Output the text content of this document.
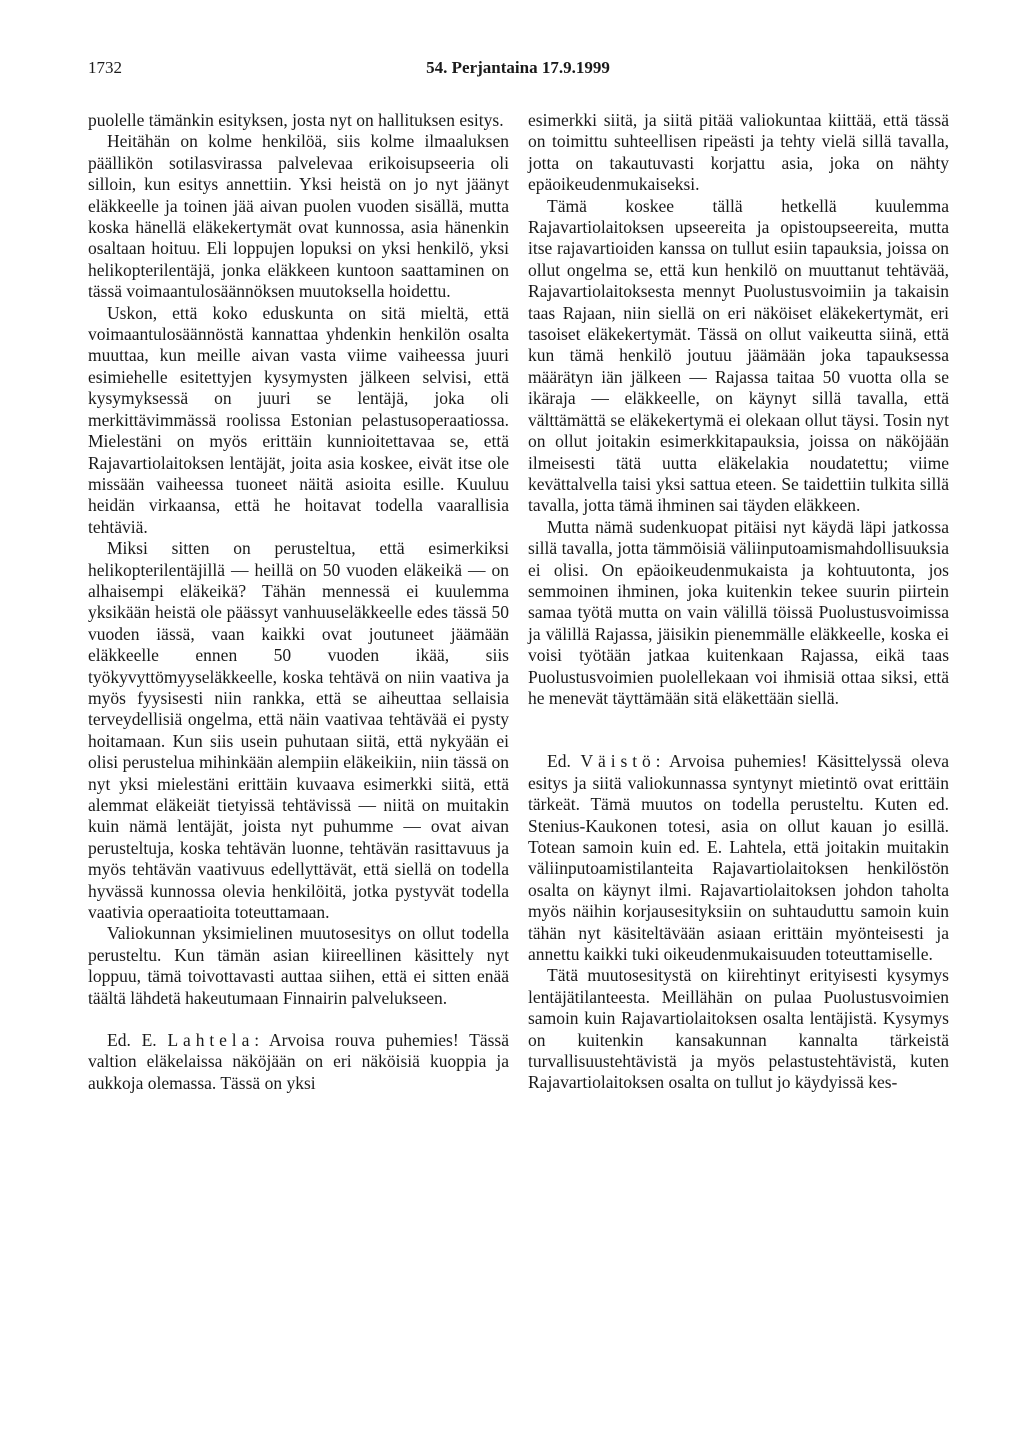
1732	54. Perjantaina 17.9.1999

puolelle tämänkin esityksen, josta nyt on hallituksen esitys.

Heitähän on kolme henkilöä, siis kolme ilmaaluksen päällikön sotilasvirassa palvelevaa erikoisupseeria oli silloin, kun esitys annettiin. Yksi heistä on jo nyt jäänyt eläkkeelle ja toinen jää aivan puolen vuoden sisällä, mutta koska hänellä eläkekertymät ovat kunnossa, asia hänenkin osaltaan hoituu. Eli loppujen lopuksi on yksi henkilö, yksi helikopterilentäjä, jonka eläkkeen kuntoon saattaminen on tässä voimaantulosäännöksen muutoksella hoidettu.

Uskon, että koko eduskunta on sitä mieltä, että voimaantulosäännöstä kannattaa yhdenkin henkilön osalta muuttaa, kun meille aivan vasta viime vaiheessa juuri esimiehelle esitettyjen kysymysten jälkeen selvisi, että kysymyksessä on juuri se lentäjä, joka oli merkittävimmässä roolissa Estonian pelastusoperaatiossa. Mielestäni on myös erittäin kunnioitettavaa se, että Rajavartiolaitoksen lentäjät, joita asia koskee, eivät itse ole missään vaiheessa tuoneet näitä asioita esille. Kuuluu heidän virkaansa, että he hoitavat todella vaarallisia tehtäviä.

Miksi sitten on perusteltua, että esimerkiksi helikopterilentäjillä — heillä on 50 vuoden eläkeikä — on alhaisempi eläkeikä? Tähän mennessä ei kuulemma yksikään heistä ole päässyt vanhuuseläkkeelle edes tässä 50 vuoden iässä, vaan kaikki ovat joutuneet jäämään eläkkeelle ennen 50 vuoden ikää, siis työkyvyttömyyseläkkeelle, koska tehtävä on niin vaativa ja myös fyysisesti niin rankka, että se aiheuttaa sellaisia terveydellisiä ongelma, että näin vaativaa tehtävää ei pysty hoitamaan. Kun siis usein puhutaan siitä, että nykyään ei olisi perustelua mihinkään alempiin eläkeikiin, niin tässä on nyt yksi mielestäni erittäin kuvaava esimerkki siitä, että alemmat eläkeiät tietyissä tehtävissä — niitä on muitakin kuin nämä lentäjät, joista nyt puhumme — ovat aivan perusteltuja, koska tehtävän luonne, tehtävän rasittavuus ja myös tehtävän vaativuus edellyttävät, että siellä on todella hyvässä kunnossa olevia henkilöitä, jotka pystyvät todella vaativia operaatioita toteuttamaan.

Valiokunnan yksimielinen muutosesitys on ollut todella perusteltu. Kun tämän asian kiireellinen käsittely nyt loppuu, tämä toivottavasti auttaa siihen, että ei sitten enää täältä lähdetä hakeutumaan Finnairin palvelukseen.

Ed. E. Lahtela: Arvoisa rouva puhemies! Tässä valtion eläkelaissa näköjään on eri näköisiä kuoppia ja aukkoja olemassa. Tässä on yksi

esimerkki siitä, ja siitä pitää valiokuntaa kiittää, että tässä on toimittu suhteellisen ripeästi ja tehty vielä sillä tavalla, jotta on takautuvasti korjattu asia, joka on nähty epäoikeudenmukaiseksi.

Tämä koskee tällä hetkellä kuulemma Rajavartiolaitoksen upseereita ja opistoupseereita, mutta itse rajavartioiden kanssa on tullut esiin tapauksia, joissa on ollut ongelma se, että kun henkilö on muuttanut tehtävää, Rajavartiolaitoksesta mennyt Puolustusvoimiin ja takaisin taas Rajaan, niin siellä on eri näköiset eläkekertymät, eri tasoiset eläkekertymät. Tässä on ollut vaikeutta siinä, että kun tämä henkilö joutuu jäämään joka tapauksessa määrätyn iän jälkeen — Rajassa taitaa 50 vuotta olla se ikäraja — eläkkeelle, on käynyt sillä tavalla, että välttämättä se eläkekertymä ei olekaan ollut täysi. Tosin nyt on ollut joitakin esimerkkitapauksia, joissa on näköjään ilmeisesti tätä uutta eläkelakia noudatettu; viime kevättalvella taisi yksi sattua eteen. Se taidettiin tulkita sillä tavalla, jotta tämä ihminen sai täyden eläkkeen.

Mutta nämä sudenkuopat pitäisi nyt käydä läpi jatkossa sillä tavalla, jotta tämmöisiä väliinputoamismahdollisuuksia ei olisi. On epäoikeudenmukaista ja kohtuutonta, jos semmoinen ihminen, joka kuitenkin tekee suurin piirtein samaa työtä mutta on vain välillä töissä Puolustusvoimissa ja välillä Rajassa, jäisikin pienemmälle eläkkeelle, koska ei voisi työtään jatkaa kuitenkaan Rajassa, eikä taas Puolustusvoimien puolellekaan voi ihmisiä ottaa siksi, että he menevät täyttämään sitä eläkettään siellä.

Ed. Väistö: Arvoisa puhemies! Käsittelyssä oleva esitys ja siitä valiokunnassa syntynyt mietintö ovat erittäin tärkeät. Tämä muutos on todella perusteltu. Kuten ed. Stenius-Kaukonen totesi, asia on ollut kauan jo esillä. Totean samoin kuin ed. E. Lahtela, että joitakin muitakin väliinputoamistilanteita Rajavartiolaitoksen henkilöstön osalta on käynyt ilmi. Rajavartiolaitoksen johdon taholta myös näihin korjausesityksiin on suhtauduttu samoin kuin tähän nyt käsiteltävään asiaan erittäin myönteisesti ja annettu kaikki tuki oikeudenmukaisuuden toteuttamiselle.

Tätä muutosesitystä on kiirehtinyt erityisesti kysymys lentäjätilanteesta. Meillähän on pulaa Puolustusvoimien samoin kuin Rajavartiolaitoksen osalta lentäjistä. Kysymys on kuitenkin kansakunnan kannalta tärkeistä turvallisuustehtävistä ja myös pelastustehtävistä, kuten Rajavartiolaitoksen osalta on tullut jo käydyissä kes-
